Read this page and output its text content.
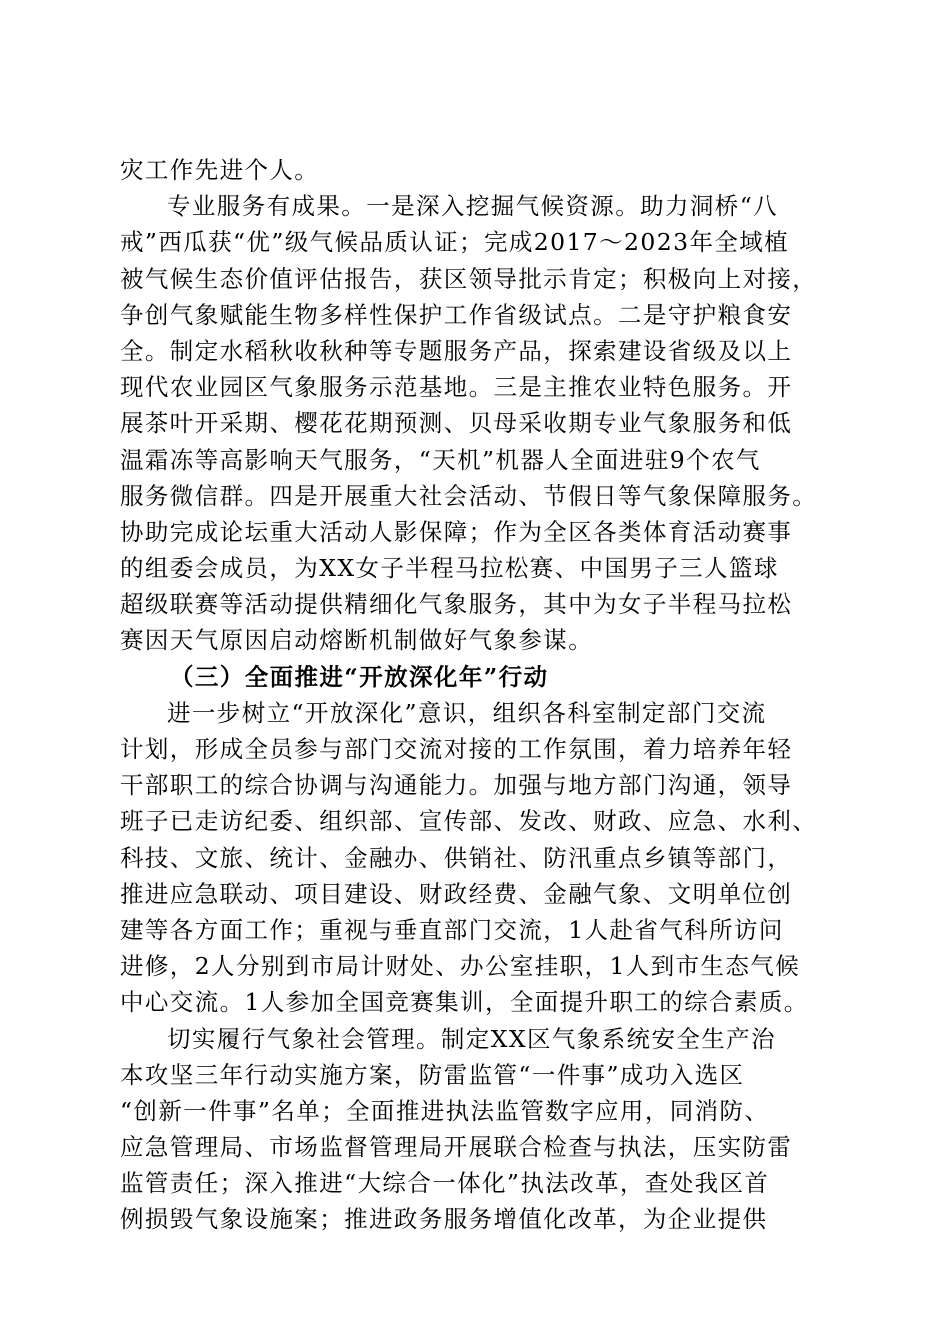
灾工作先进个人。
专业服务有成果。一是深入挖掘气候资源。助力洞桥“八
戒”西瓜获“优”级气候品质认证；完成2017～2023年全域植
被气候生态价值评估报告，获区领导批示肯定；积极向上对接，
争创气象赋能生物多样性保护工作省级试点。二是守护粮食安
全。制定水稻秋收秋种等专题服务产品，探索建设省级及以上
现代农业园区气象服务示范基地。三是主推农业特色服务。开
展茶叶开采期、樱花花期预测、贝母采收期专业气象服务和低
温霜冻等高影响天气服务，“天机”机器人全面进驻9个农气
服务微信群。四是开展重大社会活动、节假日等气象保障服务。
协助完成论坛重大活动人影保障；作为全区各类体育活动赛事
的组委会成员，为XX女子半程马拉松赛、中国男子三人篮球
超级联赛等活动提供精细化气象服务，其中为女子半程马拉松
赛因天气原因启动熔断机制做好气象参谋。
（三）全面推进“开放深化年”行动
进一步树立“开放深化”意识，组织各科室制定部门交流
计划，形成全员参与部门交流对接的工作氛围，着力培养年轻
干部职工的综合协调与沟通能力。加强与地方部门沟通，领导
班子已走访纪委、组织部、宣传部、发改、财政、应急、水利、
科技、文旅、统计、金融办、供销社、防汛重点乡镇等部门，
推进应急联动、项目建设、财政经费、金融气象、文明单位创
建等各方面工作；重视与垂直部门交流，1人赴省气科所访问
进修，2人分别到市局计财处、办公室挂职，1人到市生态气候
中心交流。1人参加全国竞赛集训，全面提升职工的综合素质。
切实履行气象社会管理。制定XX区气象系统安全生产治
本攻坚三年行动实施方案，防雷监管“一件事”成功入选区
“创新一件事”名单；全面推进执法监管数字应用，同消防、
应急管理局、市场监督管理局开展联合检查与执法，压实防雷
监管责任；深入推进“大综合一体化”执法改革，查处我区首
例损毁气象设施案；推进政务服务增值化改革，为企业提供
